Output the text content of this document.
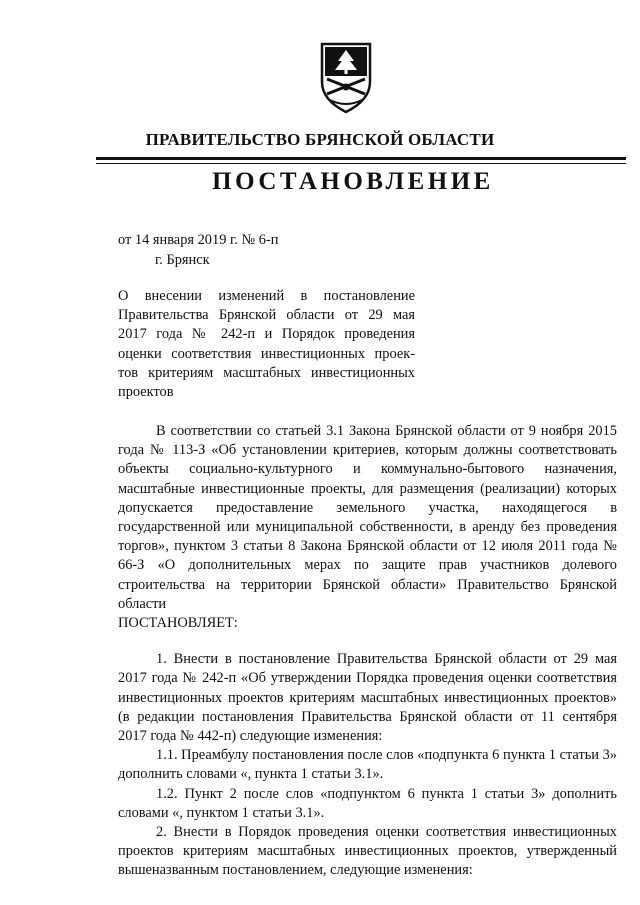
ПРАВИТЕЛЬСТВО БРЯНСКОЙ ОБЛАСТИ
ПОСТАНОВЛЕНИЕ
от 14 января 2019 г. № 6-п
г. Брянск
О внесении изменений в постановление
Правительства Брянской области от 29 мая
2017 года № 242-п и Порядок проведения
оценки соответствия инвестиционных проек-
тов критериям масштабных инвестиционных
проектов

В соответствии со статьей 3.1 Закона Брянской области от 9 ноября 2015 года № 113-З «Об установлении критериев, которым должны соответствовать объекты социально-культурного и коммунально-бытового назначения, масштабные инвестиционные проекты, для размещения (реализации) которых допускается предоставление земельного участка, находящегося в государственной или муниципальной собственности, в аренду без проведения торгов», пунктом 3 статьи 8 Закона Брянской области от 12 июля 2011 года № 66-З «О дополнительных мерах по защите прав участников долевого строительства на территории Брянской области» Правительство Брянской области

ПОСТАНОВЛЯЕТ:

1. Внести в постановление Правительства Брянской области от 29 мая 2017 года № 242-п «Об утверждении Порядка проведения оценки соответствия инвестиционных проектов критериям масштабных инвестиционных проектов» (в редакции постановления Правительства Брянской области от 11 сентября 2017 года № 442-п) следующие изменения:

1.1. Преамбулу постановления после слов «подпункта 6 пункта 1 статьи 3» дополнить словами «, пункта 1 статьи 3.1».

1.2. Пункт 2 после слов «подпунктом 6 пункта 1 статьи 3» дополнить словами «, пунктом 1 статьи 3.1».

2. Внести в Порядок проведения оценки соответствия инвестиционных проектов критериям масштабных инвестиционных проектов, утвержденный вышеназванным постановлением, следующие изменения:
